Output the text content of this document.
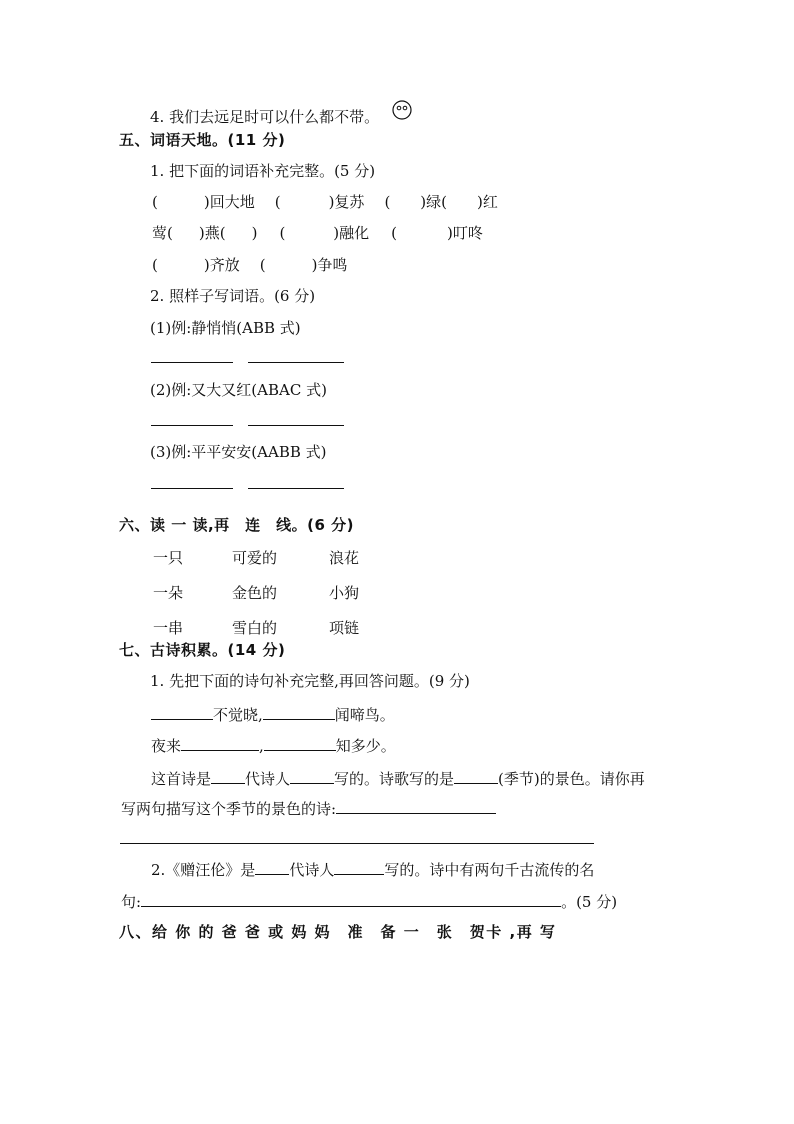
4. 我们去远足时可以什么都不带。
五、词语天地。(11 分)
1. 把下面的词语补充完整。(5 分)
(	)回大地 (	)复苏 ( )绿( )红
莺( )燕( ) (	)融化 (	)叮咚
(	)齐放 (	)争鸣
2. 照样子写词语。(6 分)
(1)例:静悄悄(ABB 式)
(2)例:又大又红(ABAC 式)
(3)例:平平安安(AABB 式)
六、读 一 读,再　连　线。(6 分)
一只	可爱的	浪花
一朵	金色的	小狗
一串	雪白的	项链
七、古诗积累。(14 分)
1. 先把下面的诗句补充完整,再回答问题。(9 分)
不觉晓,	闻啼鸟。
夜来	,	知多少。
这首诗是 代诗人	写的。诗歌写的是	(季节)的景色。请你再
写两句描写这个季节的景色的诗:
2.《赠汪伦》是 代诗人	写的。诗中有两句千古流传的名
句:	。(5 分)
八、给 你 的 爸 爸 或 妈 妈　准　备 一　张　贺卡 ,再 写
